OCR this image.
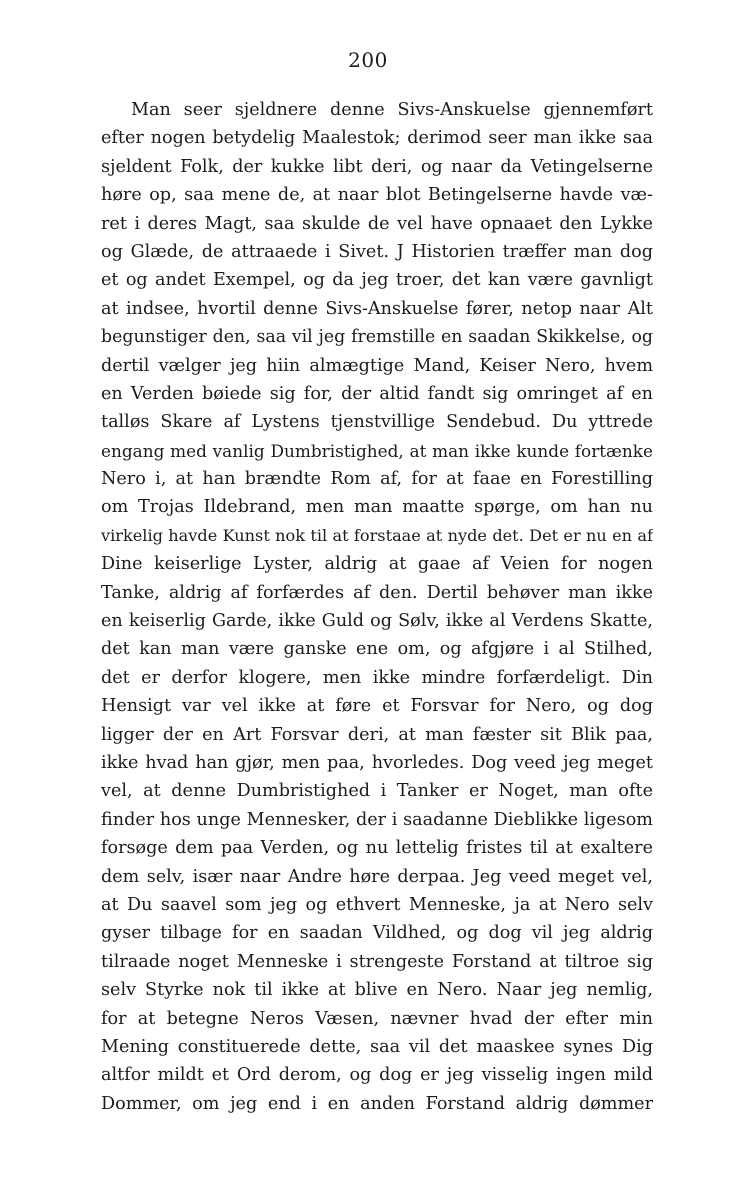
200
Man seer sjeldnere denne Sivs-Anskuelse gjennemført
efter nogen betydelig Maalestok; derimod seer man ikke saa
sjeldent Folk, der kukke libt deri, og naar da Vetingelserne
høre op, saa mene de, at naar blot Betingelserne havde væ-
ret i deres Magt, saa skulde de vel have opnaaet den Lykke
og Glæde, de attraaede i Sivet. J Historien træffer man dog
et og andet Exempel, og da jeg troer, det kan være gavnligt
at indsee, hvortil denne Sivs-Anskuelse fører, netop naar Alt
begunstiger den, saa vil jeg fremstille en saadan Skikkelse, og
dertil vælger jeg hiin almægtige Mand, Keiser Nero, hvem
en Verden bøiede sig for, der altid fandt sig omringet af en
talløs Skare af Lystens tjenstvillige Sendebud. Du yttrede
engang med vanlig Dumbristighed, at man ikke kunde fortænke
Nero i, at han brændte Rom af, for at faae en Forestilling
om Trojas Ildebrand, men man maatte spørge, om han nu
virkelig havde Kunst nok til at forstaae at nyde det. Det er nu en af
Dine keiserlige Lyster, aldrig at gaae af Veien for nogen
Tanke, aldrig af forfærdes af den. Dertil behøver man ikke
en keiserlig Garde, ikke Guld og Sølv, ikke al Verdens Skatte,
det kan man være ganske ene om, og afgjøre i al Stilhed,
det er derfor klogere, men ikke mindre forfærdeligt. Din
Hensigt var vel ikke at føre et Forsvar for Nero, og dog
ligger der en Art Forsvar deri, at man fæster sit Blik paa,
ikke hvad han gjør, men paa, hvorledes. Dog veed jeg meget
vel, at denne Dumbristighed i Tanker er Noget, man ofte
finder hos unge Mennesker, der i saadanne Dieblikke ligesom
forsøge dem paa Verden, og nu lettelig fristes til at exaltere
dem selv, især naar Andre høre derpaa. Jeg veed meget vel,
at Du saavel som jeg og ethvert Menneske, ja at Nero selv
gyser tilbage for en saadan Vildhed, og dog vil jeg aldrig
tilraade noget Menneske i strengeste Forstand at tiltroe sig
selv Styrke nok til ikke at blive en Nero. Naar jeg nemlig,
for at betegne Neros Væsen, nævner hvad der efter min
Mening constituerede dette, saa vil det maaskee synes Dig
altfor mildt et Ord derom, og dog er jeg visselig ingen mild
Dommer, om jeg end i en anden Forstand aldrig dømmer
